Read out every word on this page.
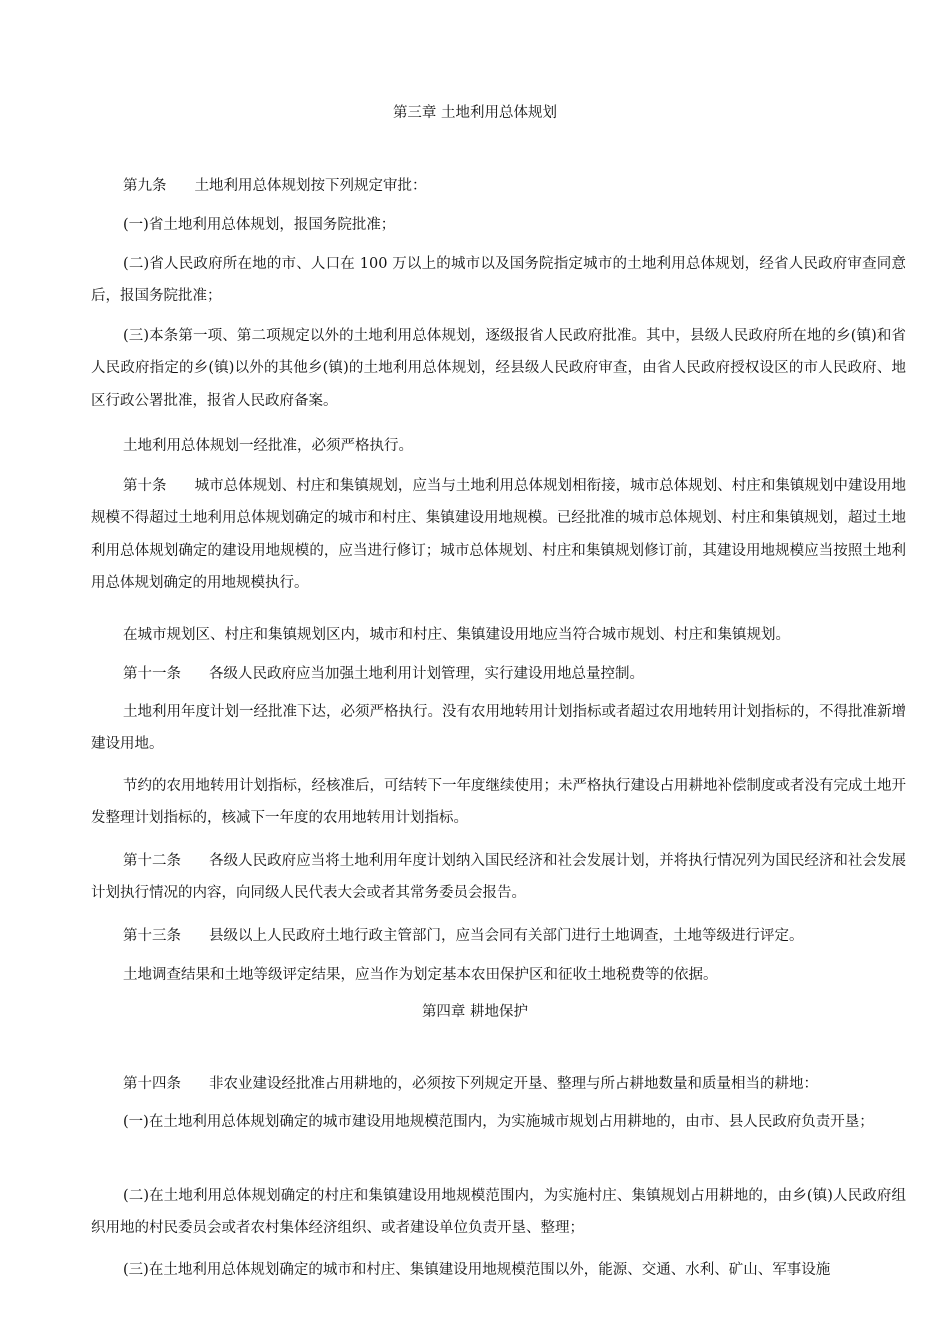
第三章 土地利用总体规划

第九条 土地利用总体规划按下列规定审批：

(一)省土地利用总体规划，报国务院批准；

(二)省人民政府所在地的市、人口在 100 万以上的城市以及国务院指定城市的土地利用总体规划，经省人民政府审查同意后，报国务院批准；

(三)本条第一项、第二项规定以外的土地利用总体规划，逐级报省人民政府批准。其中，县级人民政府所在地的乡(镇)和省人民政府指定的乡(镇)以外的其他乡(镇)的土地利用总体规划，经县级人民政府审查，由省人民政府授权设区的市人民政府、地区行政公署批准，报省人民政府备案。

土地利用总体规划一经批准，必须严格执行。

第十条 城市总体规划、村庄和集镇规划，应当与土地利用总体规划相衔接，城市总体规划、村庄和集镇规划中建设用地规模不得超过土地利用总体规划确定的城市和村庄、集镇建设用地规模。已经批准的城市总体规划、村庄和集镇规划，超过土地利用总体规划确定的建设用地规模的，应当进行修订；城市总体规划、村庄和集镇规划修订前，其建设用地规模应当按照土地利用总体规划确定的用地规模执行。

在城市规划区、村庄和集镇规划区内，城市和村庄、集镇建设用地应当符合城市规划、村庄和集镇规划。

第十一条 各级人民政府应当加强土地利用计划管理，实行建设用地总量控制。

土地利用年度计划一经批准下达，必须严格执行。没有农用地转用计划指标或者超过农用地转用计划指标的，不得批准新增建设用地。

节约的农用地转用计划指标，经核准后，可结转下一年度继续使用；未严格执行建设占用耕地补偿制度或者没有完成土地开发整理计划指标的，核减下一年度的农用地转用计划指标。

第十二条 各级人民政府应当将土地利用年度计划纳入国民经济和社会发展计划，并将执行情况列为国民经济和社会发展计划执行情况的内容，向同级人民代表大会或者其常务委员会报告。

第十三条 县级以上人民政府土地行政主管部门，应当会同有关部门进行土地调查，土地等级进行评定。

土地调查结果和土地等级评定结果，应当作为划定基本农田保护区和征收土地税费等的依据。

第四章 耕地保护

第十四条 非农业建设经批准占用耕地的，必须按下列规定开垦、整理与所占耕地数量和质量相当的耕地：

(一)在土地利用总体规划确定的城市建设用地规模范围内，为实施城市规划占用耕地的，由市、县人民政府负责开垦；

(二)在土地利用总体规划确定的村庄和集镇建设用地规模范围内，为实施村庄、集镇规划占用耕地的，由乡(镇)人民政府组织用地的村民委员会或者农村集体经济组织、或者建设单位负责开垦、整理；

(三)在土地利用总体规划确定的城市和村庄、集镇建设用地规模范围以外，能源、交通、水利、矿山、军事设施
